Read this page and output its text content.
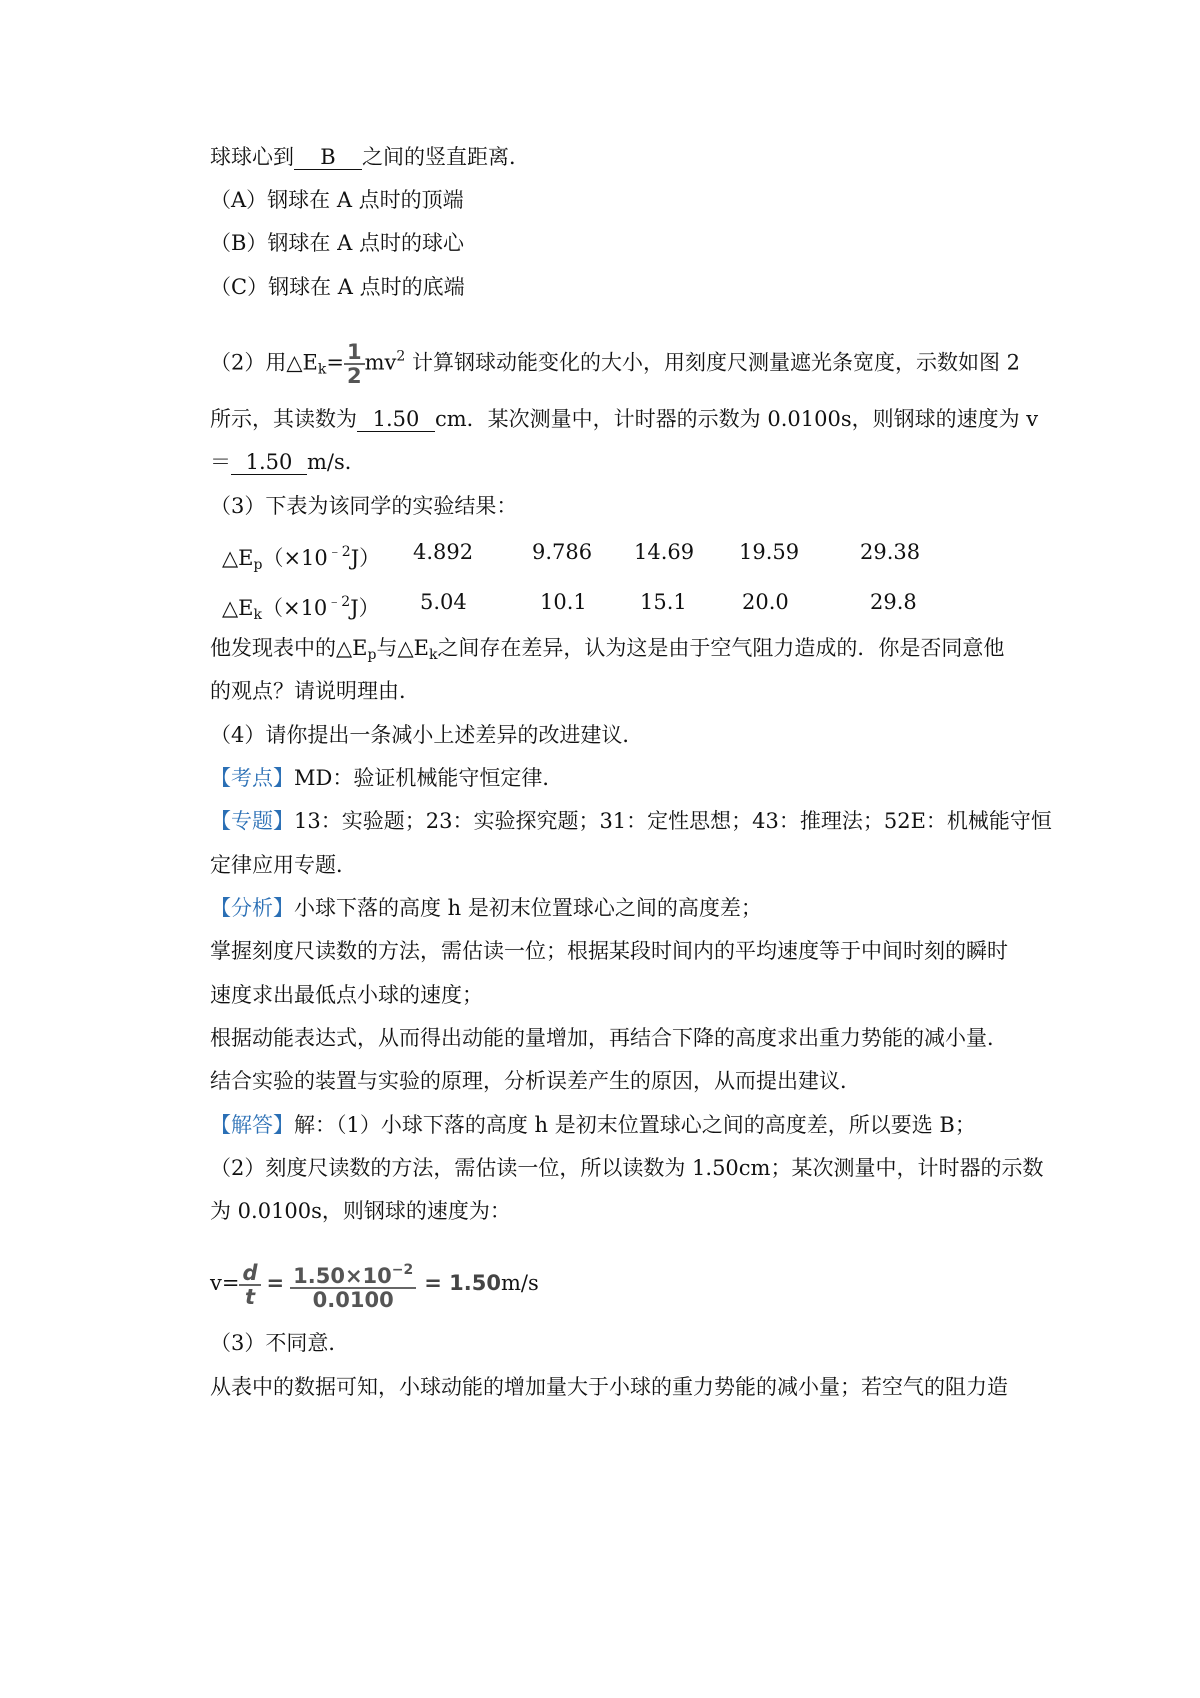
球球心到 B 之间的竖直距离．
（A）钢球在 A 点时的顶端
（B）钢球在 A 点时的球心
（C）钢球在 A 点时的底端
（2）用$\triangle E_k= \frac{1}{2} mv^2$ 计算钢球动能变化的大小，用刻度尺测量遮光条宽度，示数如图 2
所示，其读数为 1.50 cm．某次测量中，计时器的示数为 0.0100s，则钢球的速度为 v
＝ 1.50 m/s．
（3）下表为该同学的实验结果：
$\triangle E_p(\times 10^{﹣2}J)$ 4.892	9.786 14.69 19.59	29.38
$\triangle E_k(\times 10^{﹣2}J)$ 5.04	10.1	15.1	20.0	29.8
他发现表中的$\triangle E_p$与$\triangle E_k$之间存在差异，认为这是由于空气阻力造成的．你是否同意他
的观点？请说明理由．
（4）请你提出一条减小上述差异的改进建议．
【考点】MD：验证机械能守恒定律．
【专题】13：实验题；23：实验探究题；31：定性思想；43：推理法；52E：机械能守恒
定律应用专题．
【分析】小球下落的高度 h 是初末位置球心之间的高度差；
掌握刻度尺读数的方法，需估读一位；根据某段时间内的平均速度等于中间时刻的瞬时
速度求出最低点小球的速度；
根据动能表达式，从而得出动能的量增加，再结合下降的高度求出重力势能的减小量．
结合实验的装置与实验的原理，分析误差产生的原因，从而提出建议．
【解答】解：（1）小球下落的高度 h 是初末位置球心之间的高度差，所以要选 B；
（2）刻度尺读数的方法，需估读一位，所以读数为 1.50cm；某次测量中，计时器的示数
为 0.0100s，则钢球的速度为：
$v= \frac{d}{t} = \frac{1.50\times 10^{-2}}{0.0100} = 1.50m/s$
（3）不同意．
从表中的数据可知，小球动能的增加量大于小球的重力势能的减小量；若空气的阻力造
